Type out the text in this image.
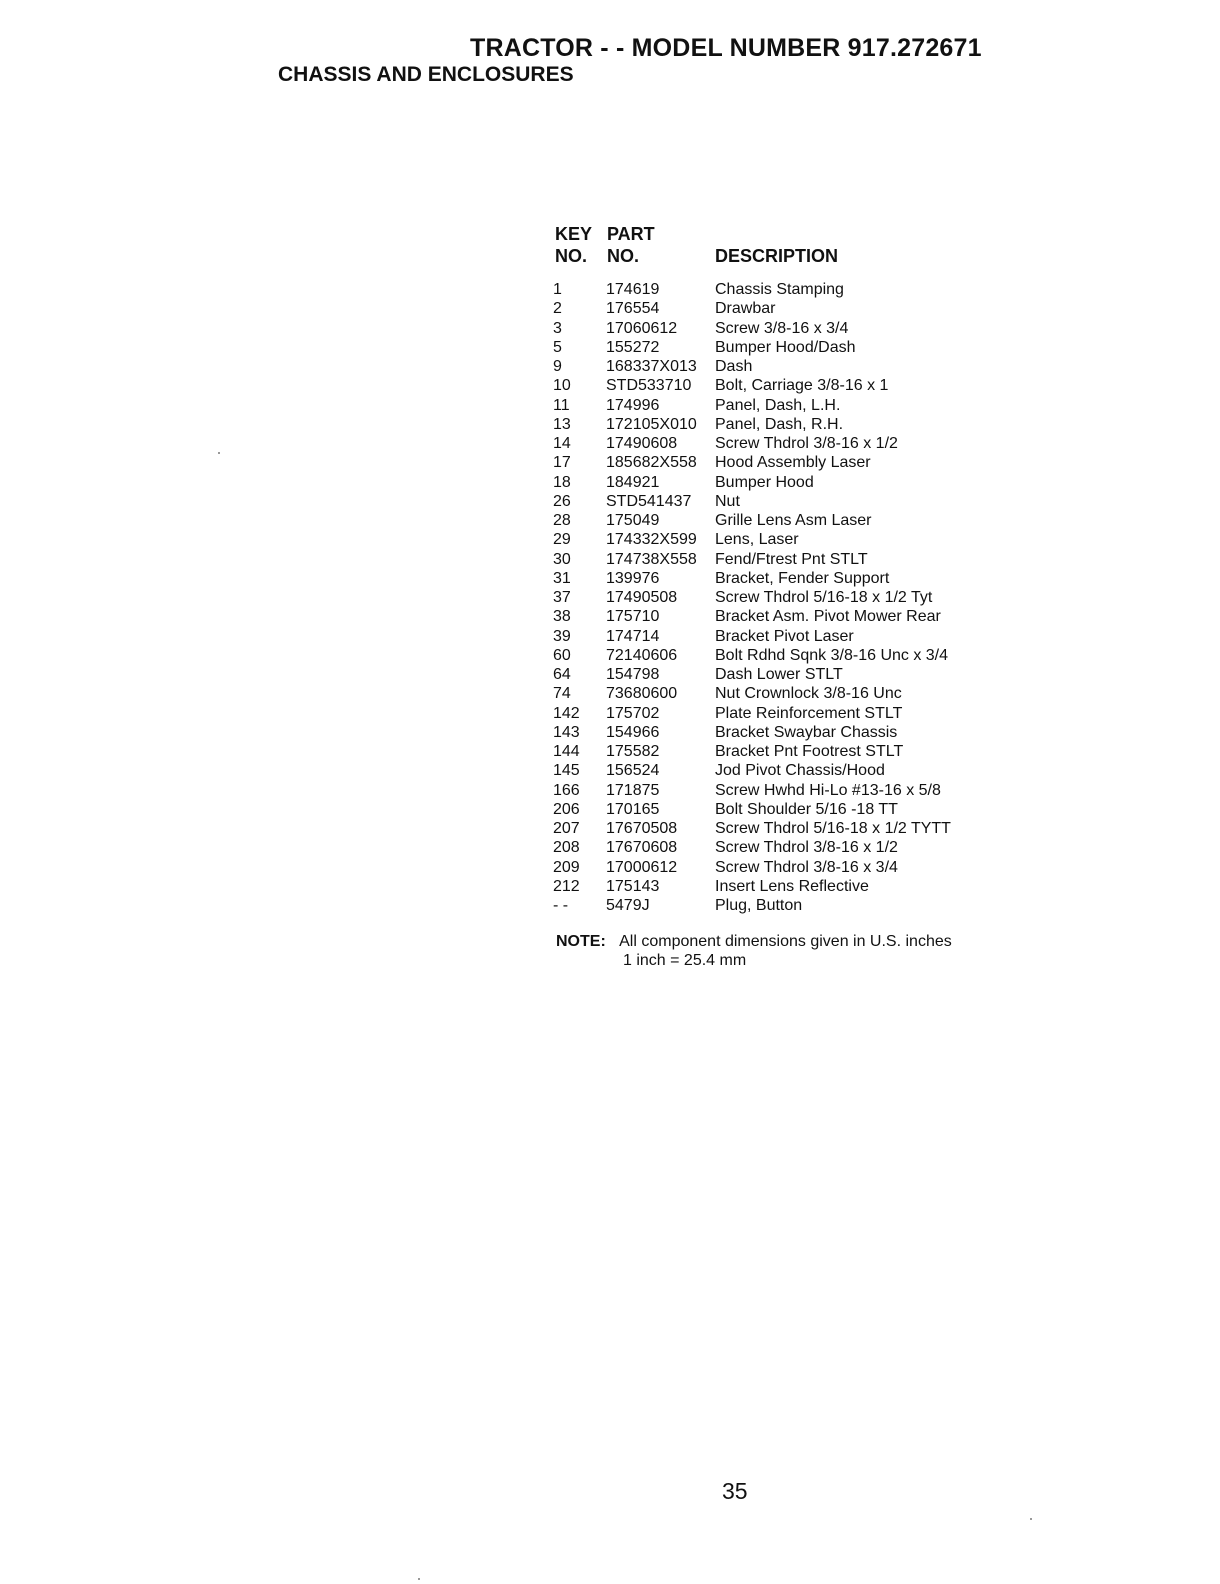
TRACTOR - - MODEL NUMBER 917.272671
CHASSIS AND ENCLOSURES
KEY
NO.
PART
NO.	DESCRIPTION
1	174619	Chassis Stamping
2	176554	Drawbar
3	17060612 Screw 3/8-16 x 3/4
5	155272	Bumper Hood/Dash
9	168337X013 Dash
10 STD533710 Bolt, Carriage 3/8-16 x 1
11 174996	Panel, Dash, L.H.
13 172105X010 Panel, Dash, R.H.
14 17490608 Screw Thdrol 3/8-16 x 1/2
17 185682X558 Hood Assembly Laser
18 184921	Bumper Hood
26 STD541437 Nut
28 175049	Grille Lens Asm Laser
29 174332X599 Lens, Laser
30 174738X558 Fend/Ftrest Pnt STLT
31 139976	Bracket, Fender Support
37 17490508 Screw Thdrol 5/16-18 x 1/2 Tyt
38 175710	Bracket Asm. Pivot Mower Rear
39 174714	Bracket Pivot Laser
60 72140606 Bolt Rdhd Sqnk 3/8-16 Unc x 3/4
64 154798	Dash Lower STLT
74 73680600 Nut Crownlock 3/8-16 Unc
142 175702	Plate Reinforcement STLT
143 154966	Bracket Swaybar Chassis
144 175582	Bracket Pnt Footrest STLT
145 156524	Jod Pivot Chassis/Hood
166 171875	Screw Hwhd Hi-Lo #13-16 x 5/8
206 170165	Bolt Shoulder 5/16 -18 TT
207 17670508 Screw Thdrol 5/16-18 x 1/2 TYTT
208 17670608 Screw Thdrol 3/8-16 x 1/2
209 17000612 Screw Thdrol 3/8-16 x 3/4
212 175143	Insert Lens Reflective
- - 5479J	Plug, Button
NOTE: All component dimensions given in U.S. inches
1 inch = 25.4 mm
35
